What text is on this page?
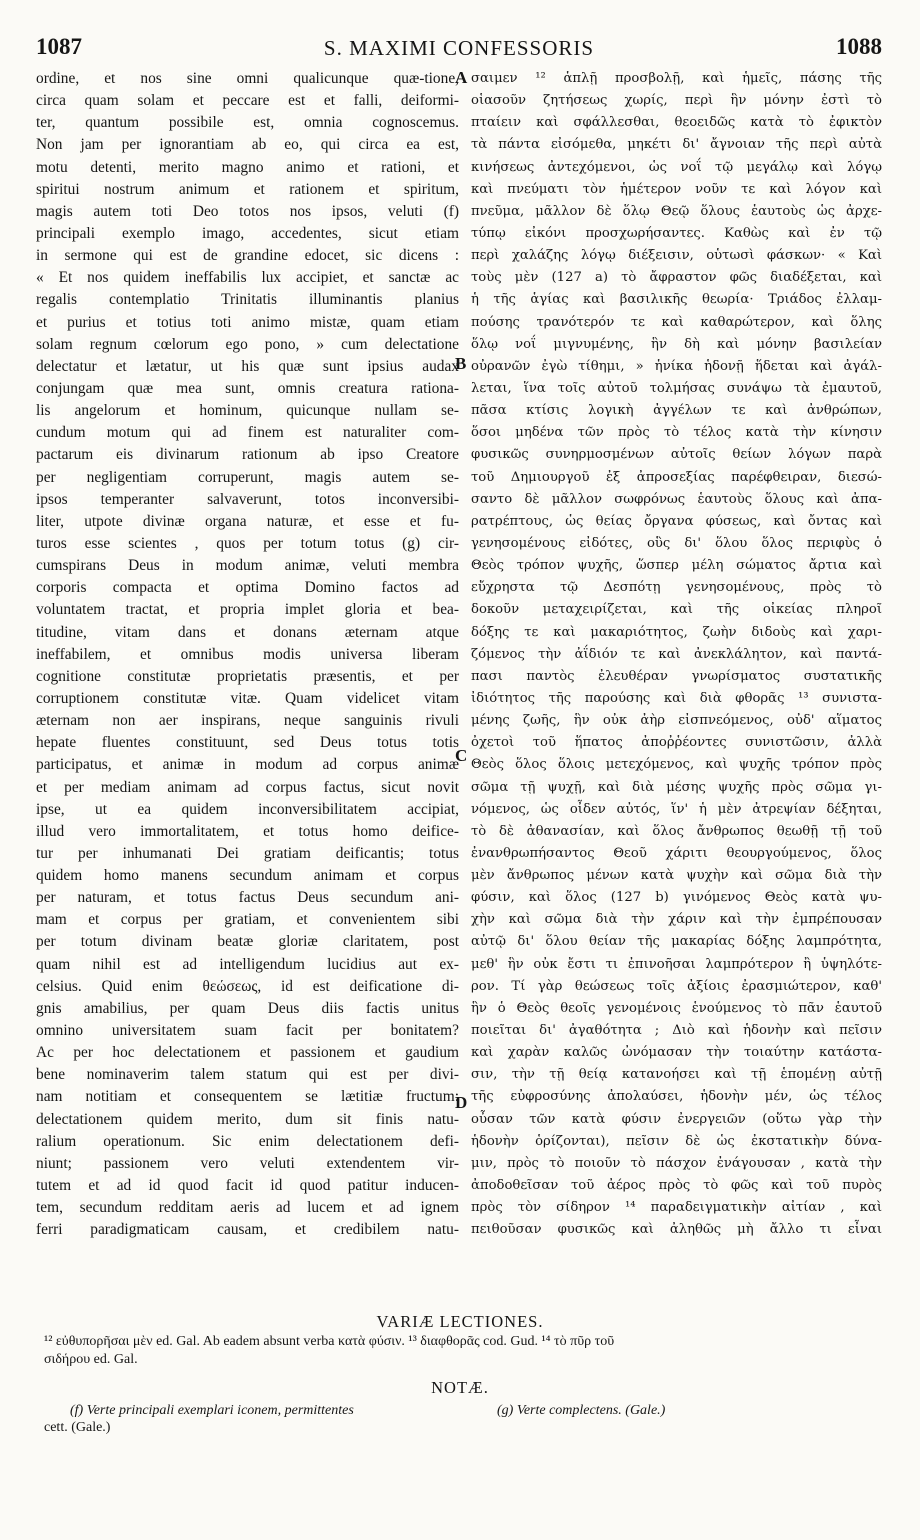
1087	S. MAXIMI CONFESSORIS	1088
ordine, et nos sine omni qualicunque quæ-tione,
circa quam solam et peccare est et falli, deiformi-
ter, quantum possibile est, omnia cognoscemus.
Non jam per ignorantiam ab eo, qui circa ea est,
motu detenti, merito magno animo et rationi, et
spiritui nostrum animum et rationem et spiritum,
magis autem toti Deo totos nos ipsos, veluti (f)
principali exemplo imago, accedentes, sicut etiam
in sermone qui est de grandine edocet, sic dicens :
« Et nos quidem ineffabilis lux accipiet, et sanctæ ac
regalis contemplatio Trinitatis illuminantis planius
et purius et totius toti animo mistæ, quam etiam
solam regnum cœlorum ego pono, » cum delectatione
delectatur et lætatur, ut his quæ sunt ipsius audax
conjungam quæ mea sunt, omnis creatura rationa-
lis angelorum et hominum, quicunque nullam se-
cundum motum qui ad finem est naturaliter com-
pactarum eis divinarum rationum ab ipso Creatore
per negligentiam corruperunt, magis autem se-
ipsos temperanter salvaverunt, totos inconversibi-
liter, utpote divinæ organa naturæ, et esse et fu-
turos esse scientes , quos per totum totus (g) cir-
cumspirans Deus in modum animæ, veluti membra
corporis compacta et optima Domino factos ad
voluntatem tractat, et propria implet gloria et bea-
titudine, vitam dans et donans æternam atque
ineffabilem, et omnibus modis universa liberam
cognitione constitutæ proprietatis præsentis, et per
corruptionem constitutæ vitæ. Quam videlicet vitam
æternam non aer inspirans, neque sanguinis rivuli
hepate fluentes constituunt, sed Deus totus totis
participatus, et animæ in modum ad corpus animæ
et per mediam animam ad corpus factus, sicut novit
ipse, ut ea quidem inconversibilitatem accipiat,
illud vero immortalitatem, et totus homo deifice-
tur per inhumanati Dei gratiam deificantis; totus
quidem homo manens secundum animam et corpus
per naturam, et totus factus Deus secundum ani-
mam et corpus per gratiam, et convenientem sibi
per totum divinam beatæ gloriæ claritatem, post
quam nihil est ad intelligendum lucidius aut ex-
celsius. Quid enim θεώσεως, id est deificatione di-
gnis amabilius, per quam Deus diis factis unitus
omnino universitatem suam facit per bonitatem?
Ac per hoc delectationem et passionem et gaudium
bene nominaverim talem statum qui est per divi-
nam notitiam et consequentem se lætitiæ fructum:
delectationem quidem merito, dum sit finis natu-
ralium operationum. Sic enim delectationem defi-
niunt; passionem vero veluti extendentem vir-
tutem et ad id quod facit id quod patitur inducen-
tem, secundum redditam aeris ad lucem et ad ignem
ferri paradigmaticam causam, et credibilem natu-
σαιμεν ¹² ἁπλῇ προσβολῇ, καὶ ἡμεῖς, πάσης τῆς
οἱασοῦν ζητήσεως χωρίς, περὶ ἣν μόνην ἐστὶ τὸ
πταίειν καὶ σφάλλεσθαι, θεοειδῶς κατὰ τὸ ἐφικτὸν
τὰ πάντα εἰσόμεθα, μηκέτι δι' ἄγνοιαν τῆς περὶ αὐτὰ
κινήσεως ἀντεχόμενοι, ὡς νοΐ τῷ μεγάλῳ καὶ λόγῳ
καὶ πνεύματι τὸν ἡμέτερον νοῦν τε καὶ λόγον καὶ
πνεῦμα, μᾶλλον δὲ ὅλῳ Θεῷ ὅλους ἑαυτοὺς ὡς ἀρχε-
τύπῳ εἰκόνι προσχωρήσαντες. Καθὼς καὶ ἐν τῷ
περὶ χαλάζης λόγῳ διέξεισιν, οὑτωσὶ φάσκων· « Καὶ
τοὺς μὲν (127 a) τὸ ἄφραστον φῶς διαδέξεται, καὶ
ἡ τῆς ἁγίας καὶ βασιλικῆς θεωρία· Τριάδος ἐλλαμ-
πούσης τρανότερόν τε καὶ καθαρώτερον, καὶ ὅλης
ὅλῳ νοΐ μιγνυμένης, ἣν δὴ καὶ μόνην βασιλείαν
οὐρανῶν ἐγὼ τίθημι, » ἡνίκα ἡδονῇ ἥδεται καὶ ἀγάλ-
λεται, ἵνα τοῖς αὐτοῦ τολμήσας συνάψω τὰ ἐμαυτοῦ,
πᾶσα κτίσις λογικὴ ἀγγέλων τε καὶ ἀνθρώπων,
ὅσοι μηδένα τῶν πρὸς τὸ τέλος κατὰ τὴν κίνησιν
φυσικῶς συνηρμοσμένων αὐτοῖς θείων λόγων παρὰ
τοῦ Δημιουργοῦ ἐξ ἀπροσεξίας παρέφθειραν, διεσώ-
σαντο δὲ μᾶλλον σωφρόνως ἑαυτοὺς ὅλους καὶ ἀπα-
ρατρέπτους, ὡς θείας ὄργανα φύσεως, καὶ ὄντας καὶ
γενησομένους εἰδότες, οὓς δι' ὅλου ὅλος περιφὺς ὁ
Θεὸς τρόπον ψυχῆς, ὥσπερ μέλη σώματος ἄρτια καὶ
εὔχρηστα τῷ Δεσπότῃ γενησομένους, πρὸς τὸ
δοκοῦν μεταχειρίζεται, καὶ τῆς οἰκείας πληροῖ
δόξης τε καὶ μακαριότητος, ζωὴν διδοὺς καὶ χαρι-
ζόμενος τὴν ἀΐδιόν τε καὶ ἀνεκλάλητον, καὶ παντά-
πασι παντὸς ἐλευθέραν γνωρίσματος συστατικῆς
ἰδιότητος τῆς παρούσης καὶ διὰ φθορᾶς ¹³ συνιστα-
μένης ζωῆς, ἣν οὐκ ἀὴρ εἰσπνεόμενος, οὐδ' αἵματος
ὀχετοὶ τοῦ ἥπατος ἀποῤῥέοντες συνιστῶσιν, ἀλλὰ
Θεὸς ὅλος ὅλοις μετεχόμενος, καὶ ψυχῆς τρόπον πρὸς
σῶμα τῇ ψυχῇ, καὶ διὰ μέσης ψυχῆς πρὸς σῶμα γι-
νόμενος, ὡς οἶδεν αὐτός, ἵν' ἡ μὲν ἀτρεψίαν δέξηται,
τὸ δὲ ἀθανασίαν, καὶ ὅλος ἄνθρωπος θεωθῇ τῇ τοῦ
ἐνανθρωπήσαντος Θεοῦ χάριτι θεουργούμενος, ὅλος
μὲν ἄνθρωπος μένων κατὰ ψυχὴν καὶ σῶμα διὰ τὴν
φύσιν, καὶ ὅλος (127 b) γινόμενος Θεὸς κατὰ ψυ-
χὴν καὶ σῶμα διὰ τὴν χάριν καὶ τὴν ἐμπρέπουσαν
αὐτῷ δι' ὅλου θείαν τῆς μακαρίας δόξης λαμπρότητα,
μεθ' ἣν οὐκ ἔστι τι ἐπινοῆσαι λαμπρότερον ἢ ὑψηλότε-
ρον. Τί γὰρ θεώσεως τοῖς ἀξίοις ἐρασμιώτερον, καθ'
ἣν ὁ Θεὸς θεοῖς γενομένοις ἑνούμενος τὸ πᾶν ἑαυτοῦ
ποιεῖται δι' ἀγαθότητα ; Διὸ καὶ ἡδονὴν καὶ πεῖσιν
καὶ χαρὰν καλῶς ὠνόμασαν τὴν τοιαύτην κατάστα-
σιν, τὴν τῇ θείᾳ κατανοήσει καὶ τῇ ἑπομένῃ αὐτῇ
τῆς εὐφροσύνης ἀπολαύσει, ἡδονὴν μέν, ὡς τέλος
οὖσαν τῶν κατὰ φύσιν ἐνεργειῶν (οὕτω γὰρ τὴν
ἡδονὴν ὁρίζονται), πεῖσιν δὲ ὡς ἐκστατικὴν δύνα-
μιν, πρὸς τὸ ποιοῦν τὸ πάσχον ἐνάγουσαν , κατὰ τὴν
ἀποδοθεῖσαν τοῦ ἀέρος πρὸς τὸ φῶς καὶ τοῦ πυρὸς
πρὸς τὸν σίδηρον ¹⁴ παραδειγματικὴν αἰτίαν , καὶ
πειθοῦσαν φυσικῶς καὶ ἀληθῶς μὴ ἄλλο τι εἶναι
A
B
C
D
VARIÆ LECTIONES.
¹² εὐθυπορῆσαι μὲν ed. Gal. Ab eadem absunt verba κατὰ φύσιν. ¹³ διαφθορᾶς cod. Gud. ¹⁴ τὸ πῦρ τοῦ
σιδήρου ed. Gal.
NOTÆ.
(f) Verte principali exemplari iconem, permittentes
cett. (Gale.)
(g) Verte complectens. (Gale.)
